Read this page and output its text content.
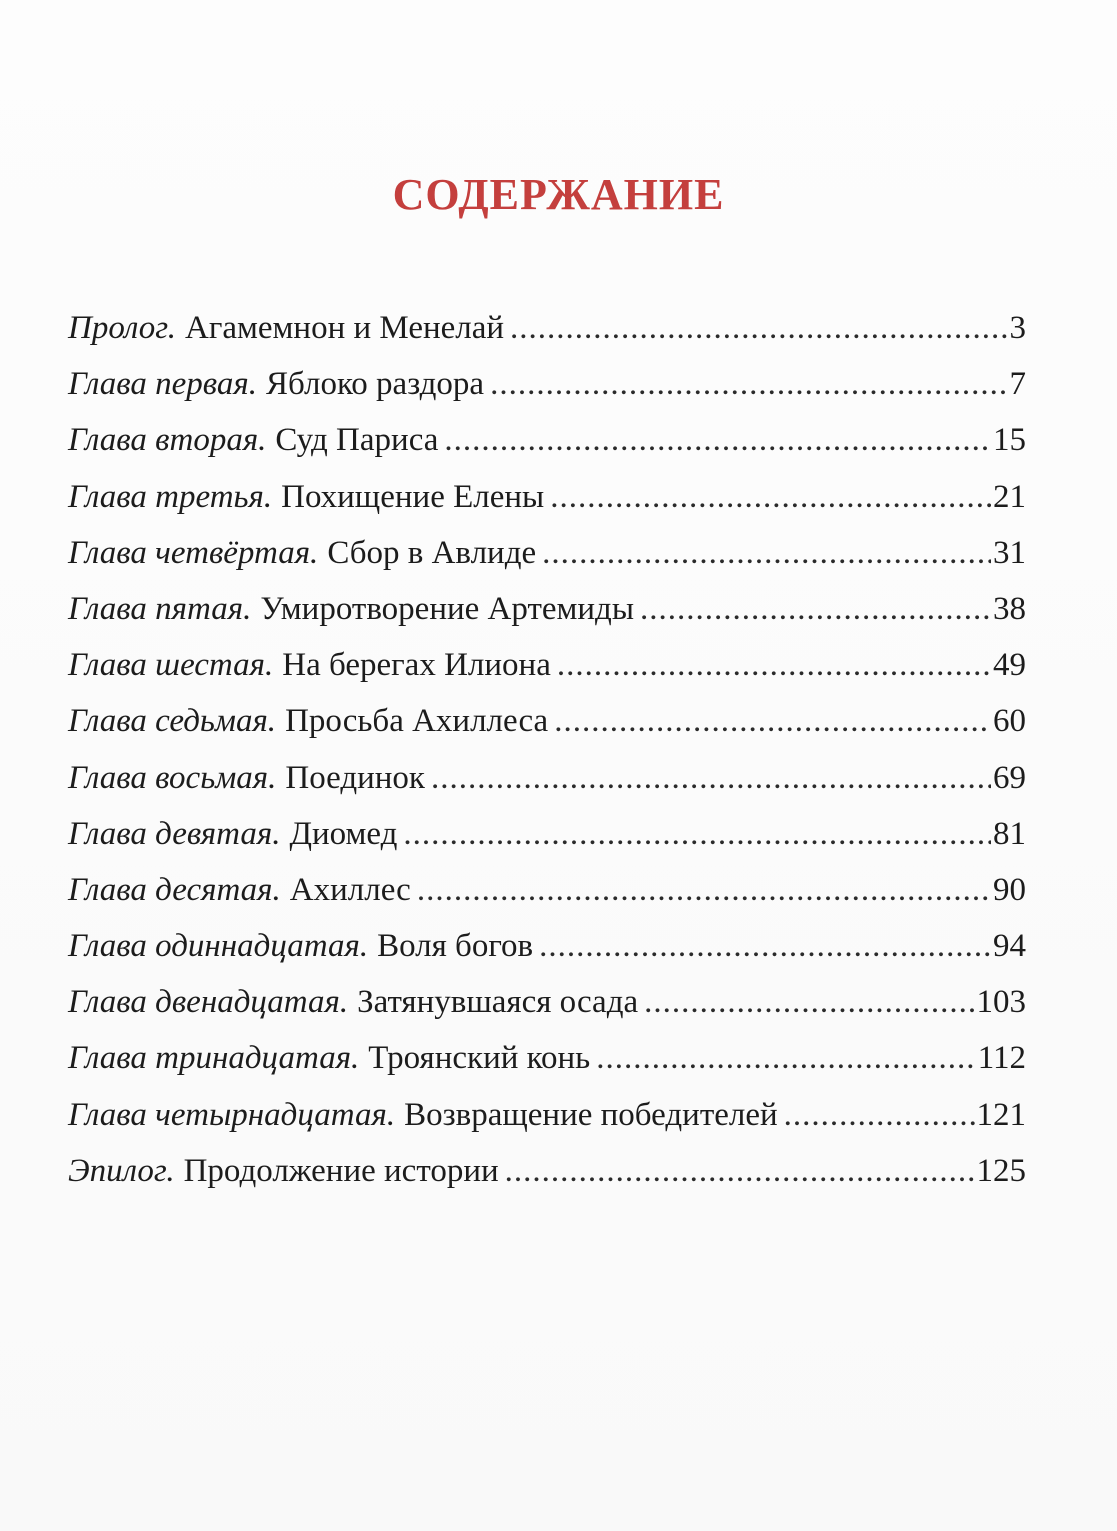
СОДЕРЖАНИЕ
Пролог. Агамемнон и Менелай .....	3
Глава первая. Яблоко раздора .....	7
Глава вторая. Суд Париса .....	15
Глава третья. Похищение Елены .....	21
Глава четвёртая. Сбор в Авлиде .....	31
Глава пятая. Умиротворение Артемиды .....	38
Глава шестая. На берегах Илиона .....	49
Глава седьмая. Просьба Ахиллеса .....	60
Глава восьмая. Поединок .....	69
Глава девятая. Диомед .....	81
Глава десятая. Ахиллес .....	90
Глава одиннадцатая. Воля богов .....	94
Глава двенадцатая. Затянувшаяся осада .....	103
Глава тринадцатая. Троянский конь .....	112
Глава четырнадцатая. Возвращение победителей .....	121
Эпилог. Продолжение истории .....	125
